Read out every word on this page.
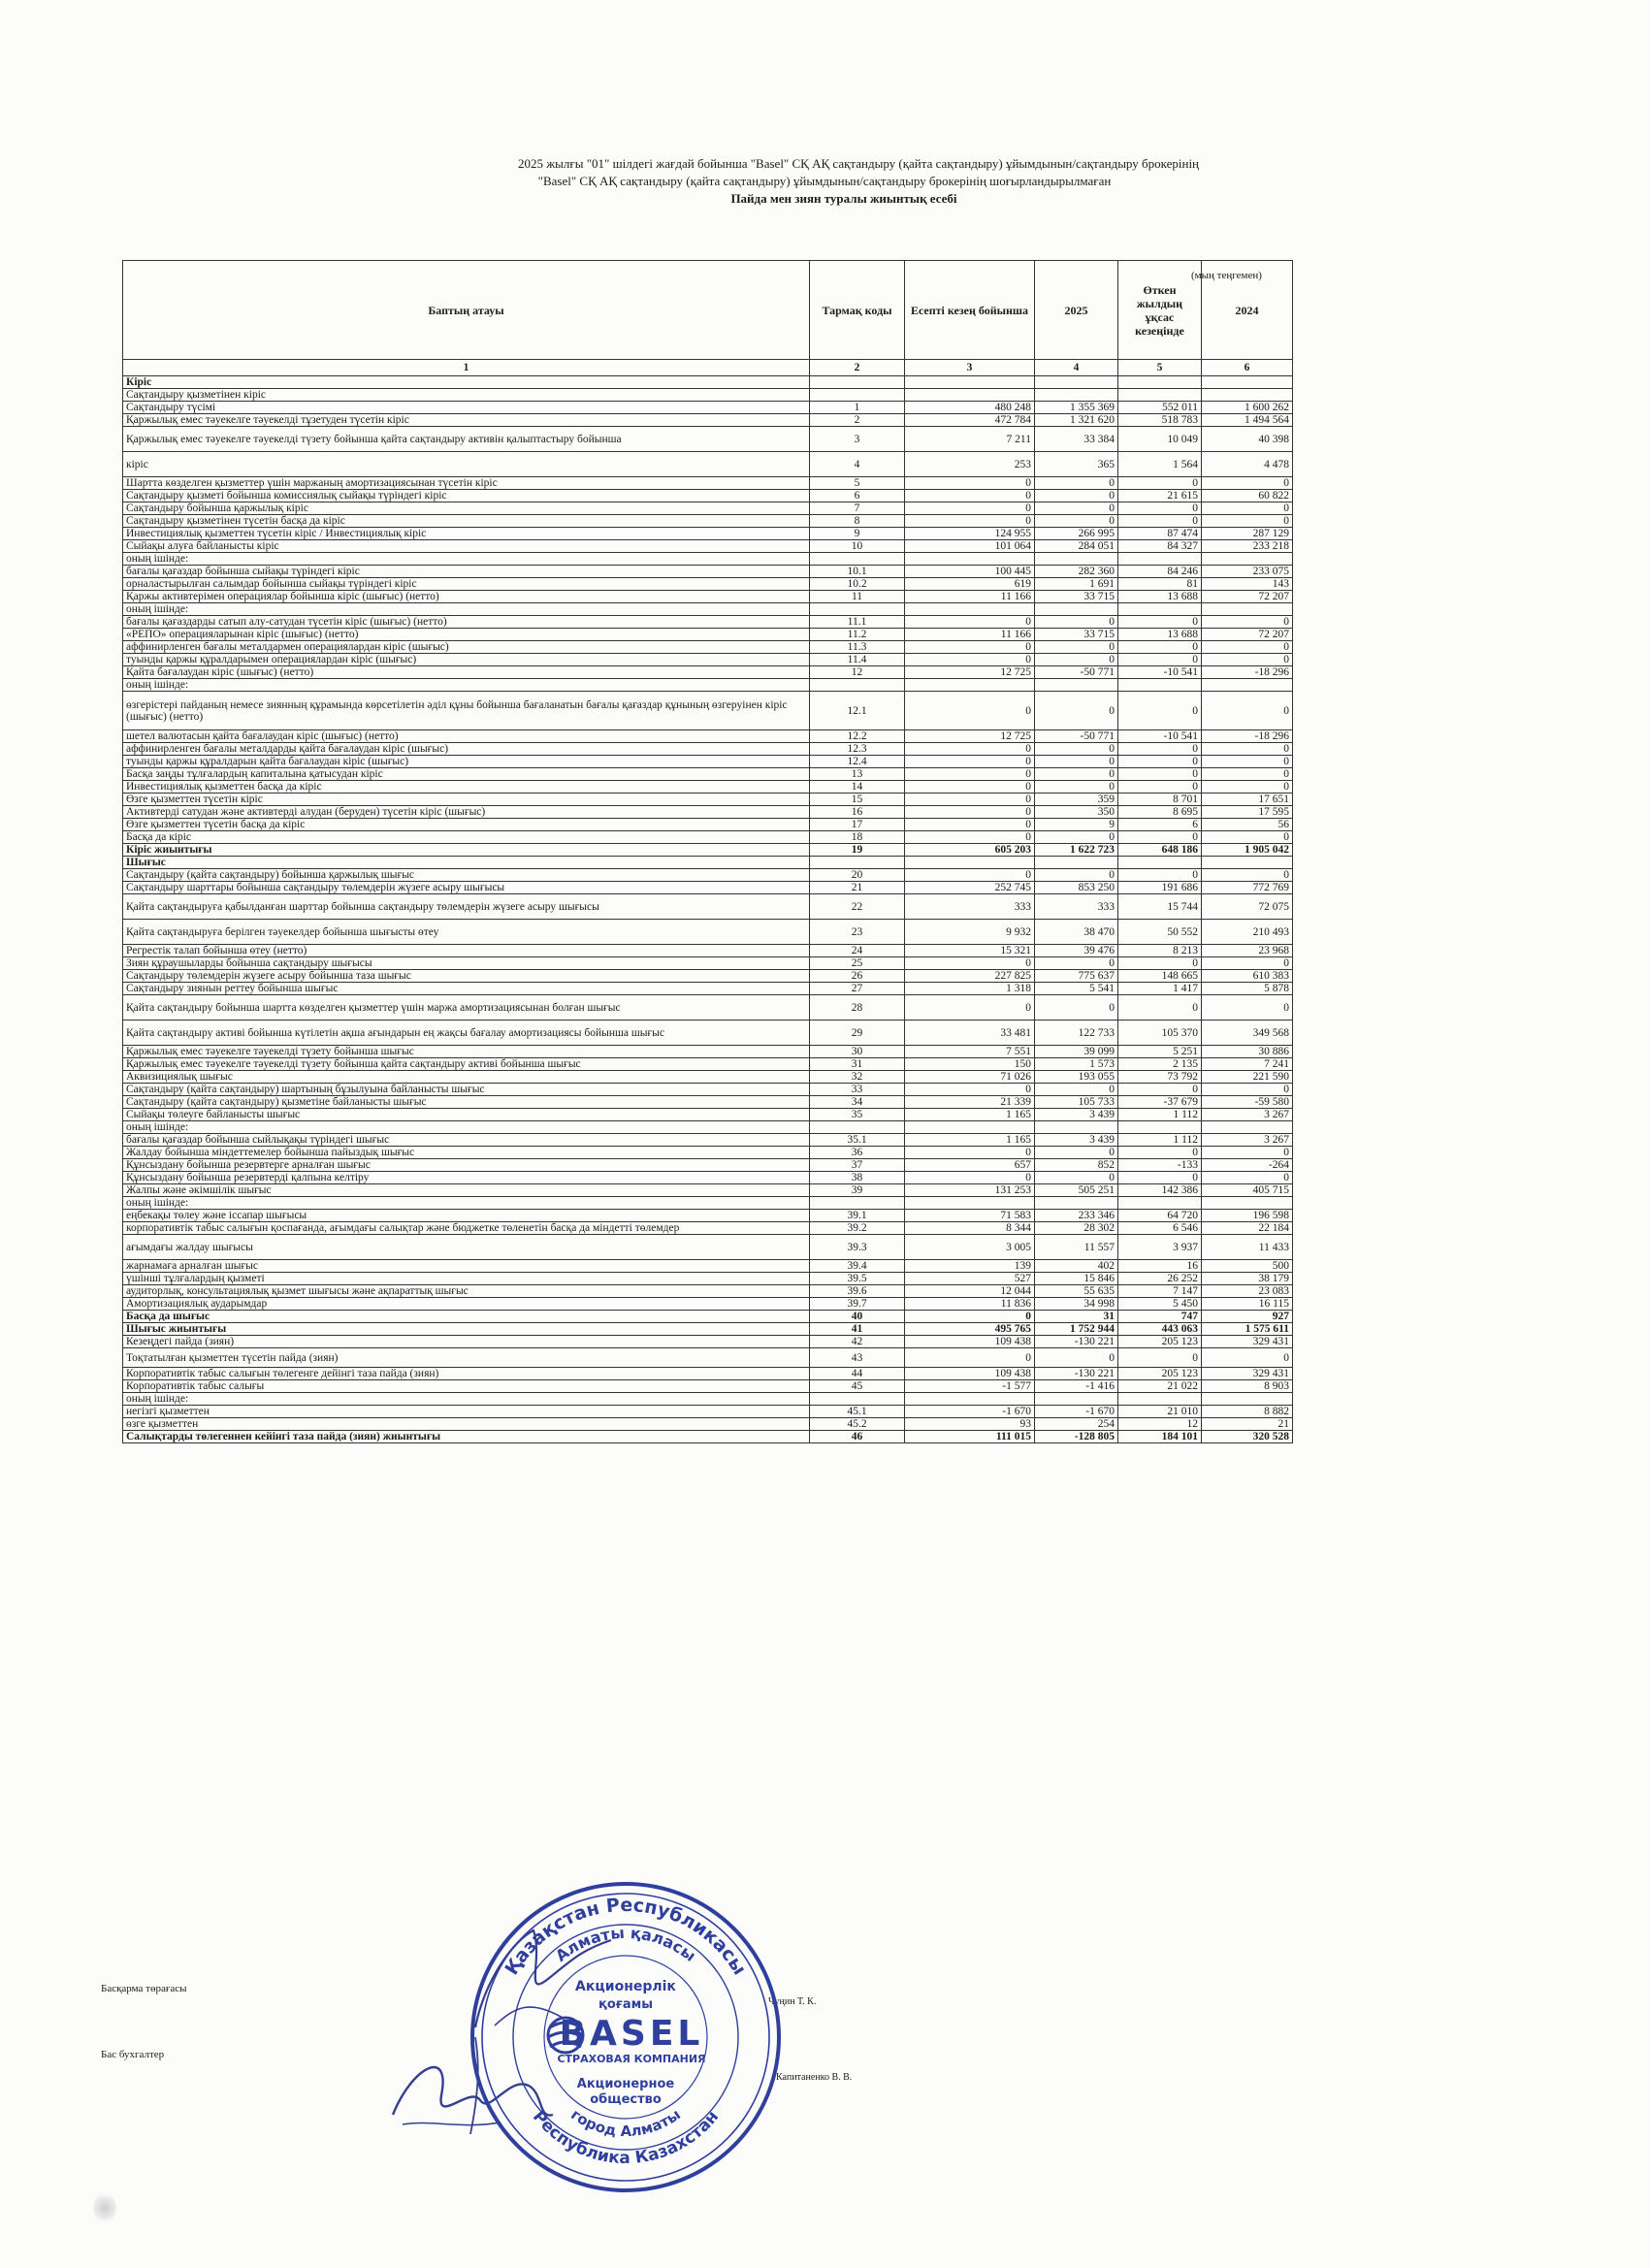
2025 жылғы "01" шілдегі жағдай бойынша "Basel" СҚ АҚ сақтандыру (қайта сақтандыру) ұйымдынын/сақтандыру брокерінің
"Basel" СҚ АҚ сақтандыру (қайта сақтандыру) ұйымдынын/сақтандыру брокерінің шоғырландырылмаған
Пайда мен зиян туралы жиынтық есебі
(мың теңгемен)
Баптың атауы	Тармақ коды	Есепті кезең бойынша	2025	Өткен жылдың ұқсас кезеңінде	2024
1	2	3	4	5	6
Кіріс					
Сақтандыру қызметінен кіріс					
Сақтандыру түсімі	1	480 248	1 355 369	552 011	1 600 262
Қаржылық емес тәуекелге тәуекелді тұзетуден түсетін кіріс	2	472 784	1 321 620	518 783	1 494 564
Қаржылық емес тәуекелге тәуекелді түзету бойынша қайта сақтандыру активін қалыптастыру бойынша	3	7 211	33 384	10 049	40 398
кіріс	4	253	365	1 564	4 478
Шартта көзделген қызметтер үшін маржаның амортизациясынан түсетін кіріс	5	0	0	0	0
Сақтандыру қызметі бойынша комиссиялық сыйақы түріндегі кіріс	6	0	0	21 615	60 822
Сақтандыру бойынша қаржылық кіріс	7	0	0	0	0
Сақтандыру қызметінен түсетін басқа да кіріс	8	0	0	0	0
Инвестициялық қызметтен түсетін кіріс / Инвестициялық кіріс	9	124 955	266 995	87 474	287 129
Сыйақы алуға байланысты кіріс	10	101 064	284 051	84 327	233 218
оның ішінде:					
бағалы қағаздар бойынша сыйақы түріндегі кіріс	10.1	100 445	282 360	84 246	233 075
орналастырылған салымдар бойынша сыйақы түріндегі кіріс	10.2	619	1 691	81	143
Қаржы активтерімен операциялар бойынша кіріс (шығыс) (нетто)	11	11 166	33 715	13 688	72 207
оның ішінде:					
бағалы қағаздарды сатып алу-сатудан түсетін кіріс (шығыс) (нетто)	11.1	0	0	0	0
«РЕПО» операцияларынан кіріс (шығыс) (нетто)	11.2	11 166	33 715	13 688	72 207
аффинирленген бағалы металдармен операциялардан кіріс (шығыс)	11.3	0	0	0	0
туынды қаржы құралдарымен операциялардан кіріс (шығыс)	11.4	0	0	0	0
Қайта бағалаудан кіріс (шығыс) (нетто)	12	12 725	-50 771	-10 541	-18 296
оның ішінде:					
өзгерістері пайданың немесе зиянның құрамында көрсетілетін әділ құны бойынша бағаланатын бағалы қағаздар құнының өзгеруінен кіріс (шығыс) (нетто)	12.1	0	0	0	0
шетел валютасын қайта бағалаудан кіріс (шығыс) (нетто)	12.2	12 725	-50 771	-10 541	-18 296
аффинирленген бағалы металдарды қайта бағалаудан кіріс (шығыс)	12.3	0	0	0	0
туынды қаржы құралдарын қайта бағалаудан кіріс (шығыс)	12.4	0	0	0	0
Басқа заңды тұлғалардың капиталына қатысудан кіріс	13	0	0	0	0
Инвестициялық қызметтен басқа да кіріс	14	0	0	0	0
Өзге қызметтен түсетін кіріс	15	0	359	8 701	17 651
Активтерді сатудан және активтерді алудан (беруден) түсетін кіріс (шығыс)	16	0	350	8 695	17 595
Өзге қызметтен түсетін басқа да кіріс	17	0	9	6	56
Басқа да кіріс	18	0	0	0	0
Кіріс жиынтығы	19	605 203	1 622 723	648 186	1 905 042
Шығыс					
Сақтандыру (қайта сақтандыру) бойынша қаржылық шығыс	20	0	0	0	0
Сақтандыру шарттары бойынша сақтандыру төлемдерін жүзеге асыру шығысы	21	252 745	853 250	191 686	772 769
Қайта сақтандыруға қабылданған шарттар бойынша сақтандыру төлемдерін жүзеге асыру шығысы	22	333	333	15 744	72 075
Қайта сақтандыруға берілген тәуекелдер бойынша шығысты өтеу	23	9 932	38 470	50 552	210 493
Регрестік талап бойынша өтеу (нетто)	24	15 321	39 476	8 213	23 968
Зиян құраушыларды бойынша сақтандыру шығысы	25	0	0	0	0
Сақтандыру төлемдерін жүзеге асыру бойынша таза шығыс	26	227 825	775 637	148 665	610 383
Сақтандыру зиянын реттеу бойынша шығыс	27	1 318	5 541	1 417	5 878
Қайта сақтандыру бойынша шартта көзделген қызметтер үшін маржа амортизациясынан болған шығыс	28	0	0	0	0
Қайта сақтандыру активі бойынша күтілетін ақша ағындарын ең жақсы бағалау амортизациясы бойынша шығыс	29	33 481	122 733	105 370	349 568
Қаржылық емес тәуекелге тәуекелді түзету бойынша шығыс	30	7 551	39 099	5 251	30 886
Қаржылық емес тәуекелге тәуекелді түзету бойынша қайта сақтандыру активі бойынша шығыс	31	150	1 573	2 135	7 241
Аквизициялық шығыс	32	71 026	193 055	73 792	221 590
Сақтандыру (қайта сақтандыру) шартының бұзылуына байланысты шығыс	33	0	0	0	0
Сақтандыру (қайта сақтандыру) қызметіне байланысты шығыс	34	21 339	105 733	-37 679	-59 580
Сыйақы төлеуге байланысты шығыс	35	1 165	3 439	1 112	3 267
оның ішінде:					
бағалы қағаздар бойынша сыйлықақы түріндегі шығыс	35.1	1 165	3 439	1 112	3 267
Жалдау бойынша міндеттемелер бойынша пайыздық шығыс	36	0	0	0	0
Құнсыздану бойынша резервтерге арналған шығыс	37	657	852	-133	-264
Құнсыздану бойынша резервтерді қалпына келтіру	38	0	0	0	0
Жалпы және әкімшілік шығыс	39	131 253	505 251	142 386	405 715
оның ішінде:					
еңбекақы төлеу және іссапар шығысы	39.1	71 583	233 346	64 720	196 598
корпоративтік табыс салығын қоспағанда, ағымдағы салықтар және бюджетке төленетін басқа да міндетті төлемдер	39.2	8 344	28 302	6 546	22 184
ағымдағы жалдау шығысы	39.3	3 005	11 557	3 937	11 433
жарнамаға арналған шығыс	39.4	139	402	16	500
үшінші тұлғалардың қызметі	39.5	527	15 846	26 252	38 179
аудиторлық, консультациялық қызмет шығысы және ақпараттық шығыс	39.6	12 044	55 635	7 147	23 083
Амортизациялық аударымдар	39.7	11 836	34 998	5 450	16 115
Басқа да шығыс	40	0	31	747	927
Шығыс жиынтығы	41	495 765	1 752 944	443 063	1 575 611
Кезеңдегі пайда (зиян)	42	109 438	-130 221	205 123	329 431
Тоқтатылған қызметтен түсетін пайда (зиян)	43	0	0	0	0
Корпоративтік табыс салығын төлегенге дейінгі таза пайда (зиян)	44	109 438	-130 221	205 123	329 431
Корпоративтік табыс салығы	45	-1 577	-1 416	21 022	8 903
оның ішінде:					
негізгі қызметтен	45.1	-1 670	-1 670	21 010	8 882
өзге қызметтен	45.2	93	254	12	21
Салықтарды төлегеннен кейінгі таза пайда (зиян) жиынтығы	46	111 015	-128 805	184 101	320 528
Басқарма төрағасы
Чуңин Т. К.
Бас бухгалтер
Капитаненко В. В.
Қазақстан Республикасы
Алматы қаласы
Республика Казахстан
город Алматы
Акционерлік
қоғамы
BASEL
СТРАХОВАЯ КОМПАНИЯ
Акционерное
общество
